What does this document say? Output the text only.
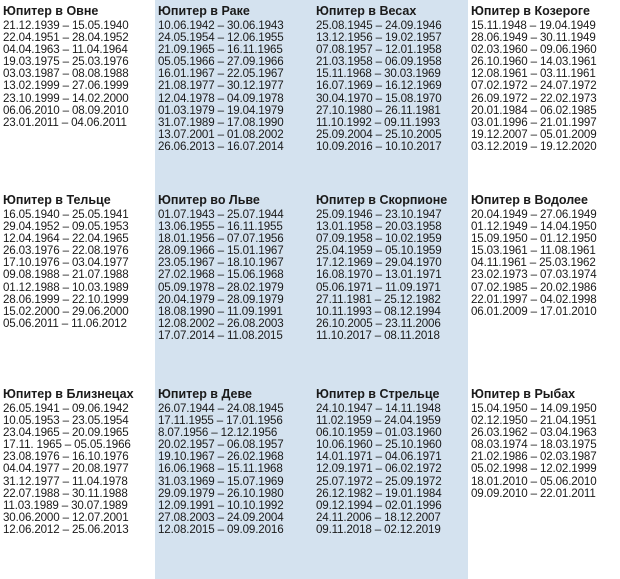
Юпитер в Овне
21.12.1939 – 15.05.1940
22.04.1951 – 28.04.1952
04.04.1963 – 11.04.1964
19.03.1975 – 25.03.1976
03.03.1987 – 08.08.1988
13.02.1999 – 27.06.1999
23.10.1999 – 14.02.2000
06.06.2010 – 08.09.2010
23.01.2011 – 04.06.2011
Юпитер в Раке
10.06.1942 – 30.06.1943
24.05.1954 – 12.06.1955
21.09.1965 – 16.11.1965
05.05.1966 – 27.09.1966
16.01.1967 – 22.05.1967
21.08.1977 – 30.12.1977
12.04.1978 – 04.09.1978
01.03.1979 – 19.04.1979
31.07.1989 – 17.08.1990
13.07.2001 – 01.08.2002
26.06.2013 – 16.07.2014
Юпитер в Весах
25.08.1945 – 24.09.1946
13.12.1956 – 19.02.1957
07.08.1957 – 12.01.1958
21.03.1958 – 06.09.1958
15.11.1968 – 30.03.1969
16.07.1969 – 16.12.1969
30.04.1970 – 15.08.1970
27.10.1980 – 26.11.1981
11.10.1992 – 09.11.1993
25.09.2004 – 25.10.2005
10.09.2016 – 10.10.2017
Юпитер в Козероге
15.11.1948 – 19.04.1949
28.06.1949 – 30.11.1949
02.03.1960 – 09.06.1960
26.10.1960 – 14.03.1961
12.08.1961 – 03.11.1961
07.02.1972 – 24.07.1972
26.09.1972 – 22.02.1973
20.01.1984 – 06.02.1985
03.01.1996 – 21.01.1997
19.12.2007 – 05.01.2009
03.12.2019 – 19.12.2020
Юпитер в Тельце
16.05.1940 – 25.05.1941
29.04.1952 – 09.05.1953
12.04.1964 – 22.04.1965
26.03.1976 – 22.08.1976
17.10.1976 – 03.04.1977
09.08.1988 – 21.07.1988
01.12.1988 – 10.03.1989
28.06.1999 – 22.10.1999
15.02.2000 – 29.06.2000
05.06.2011 – 11.06.2012
Юпитер во Льве
01.07.1943 – 25.07.1944
13.06.1955 – 16.11.1955
18.01.1956 – 07.07.1956
28.09.1966 – 15.01.1967
23.05.1967 – 18.10.1967
27.02.1968 – 15.06.1968
05.09.1978 – 28.02.1979
20.04.1979 – 28.09.1979
18.08.1990 – 11.09.1991
12.08.2002 – 26.08.2003
17.07.2014 – 11.08.2015
Юпитер в Скорпионе
25.09.1946 – 23.10.1947
13.01.1958 – 20.03.1958
07.09.1958 – 10.02.1959
25.04.1959 – 05.10.1959
17.12.1969 – 29.04.1970
16.08.1970 – 13.01.1971
05.06.1971 – 11.09.1971
27.11.1981 – 25.12.1982
10.11.1993 – 08.12.1994
26.10.2005 – 23.11.2006
11.10.2017 – 08.11.2018
Юпитер в Водолее
20.04.1949 – 27.06.1949
01.12.1949 – 14.04.1950
15.09.1950 – 01.12.1950
15.03.1961 – 11.08.1961
04.11.1961 – 25.03.1962
23.02.1973 – 07.03.1974
07.02.1985 – 20.02.1986
22.01.1997 – 04.02.1998
06.01.2009 – 17.01.2010
Юпитер в Близнецах
26.05.1941 – 09.06.1942
10.05.1953 – 23.05.1954
23.04.1965 – 20.09.1965
17.11. 1965 – 05.05.1966
23.08.1976 – 16.10.1976
04.04.1977 – 20.08.1977
31.12.1977 – 11.04.1978
22.07.1988 – 30.11.1988
11.03.1989 – 30.07.1989
30.06.2000 – 12.07.2001
12.06.2012 – 25.06.2013
Юпитер в Деве
26.07.1944 – 24.08.1945
17.11.1955 – 17.01.1956
8.07.1956 – 12.12.1956
20.02.1957 – 06.08.1957
19.10.1967 – 26.02.1968
16.06.1968 – 15.11.1968
31.03.1969 – 15.07.1969
29.09.1979 – 26.10.1980
12.09.1991 – 10.10.1992
27.08.2003 – 24.09.2004
12.08.2015 – 09.09.2016
Юпитер в Стрельце
24.10.1947 – 14.11.1948
11.02.1959 – 24.04.1959
06.10.1959 – 01.03.1960
10.06.1960 – 25.10.1960
14.01.1971 – 04.06.1971
12.09.1971 – 06.02.1972
25.07.1972 – 25.09.1972
26.12.1982 – 19.01.1984
09.12.1994 – 02.01.1996
24.11.2006 – 18.12.2007
09.11.2018 – 02.12.2019
Юпитер в Рыбах
15.04.1950 – 14.09.1950
02.12.1950 – 21.04.1951
26.03.1962 – 03.04.1963
08.03.1974 – 18.03.1975
21.02.1986 – 02.03.1987
05.02.1998 – 12.02.1999
18.01.2010 – 05.06.2010
09.09.2010 – 22.01.2011
